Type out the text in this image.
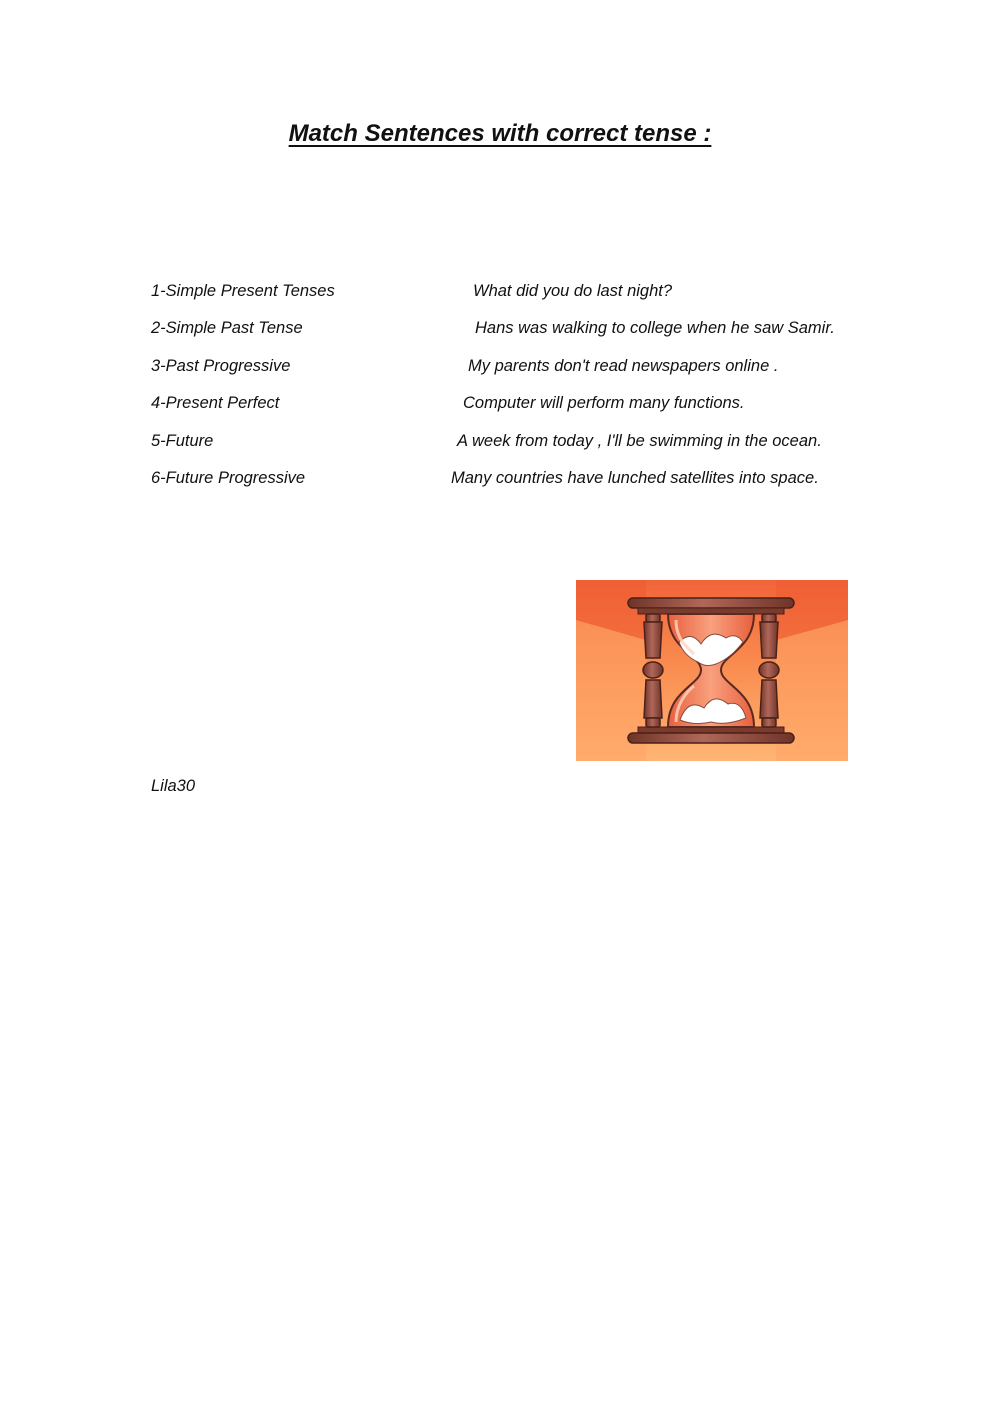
Match Sentences with correct tense :
1-Simple Present Tenses
2-Simple Past Tense
3-Past Progressive
4-Present Perfect
5-Future
6-Future Progressive
What did you do last night?
Hans was walking to college when he saw Samir.
My parents don't read newspapers online .
Computer will perform many functions.
A week from today , I'll be swimming in the ocean.
Many countries have lunched satellites into space.
Lila30
